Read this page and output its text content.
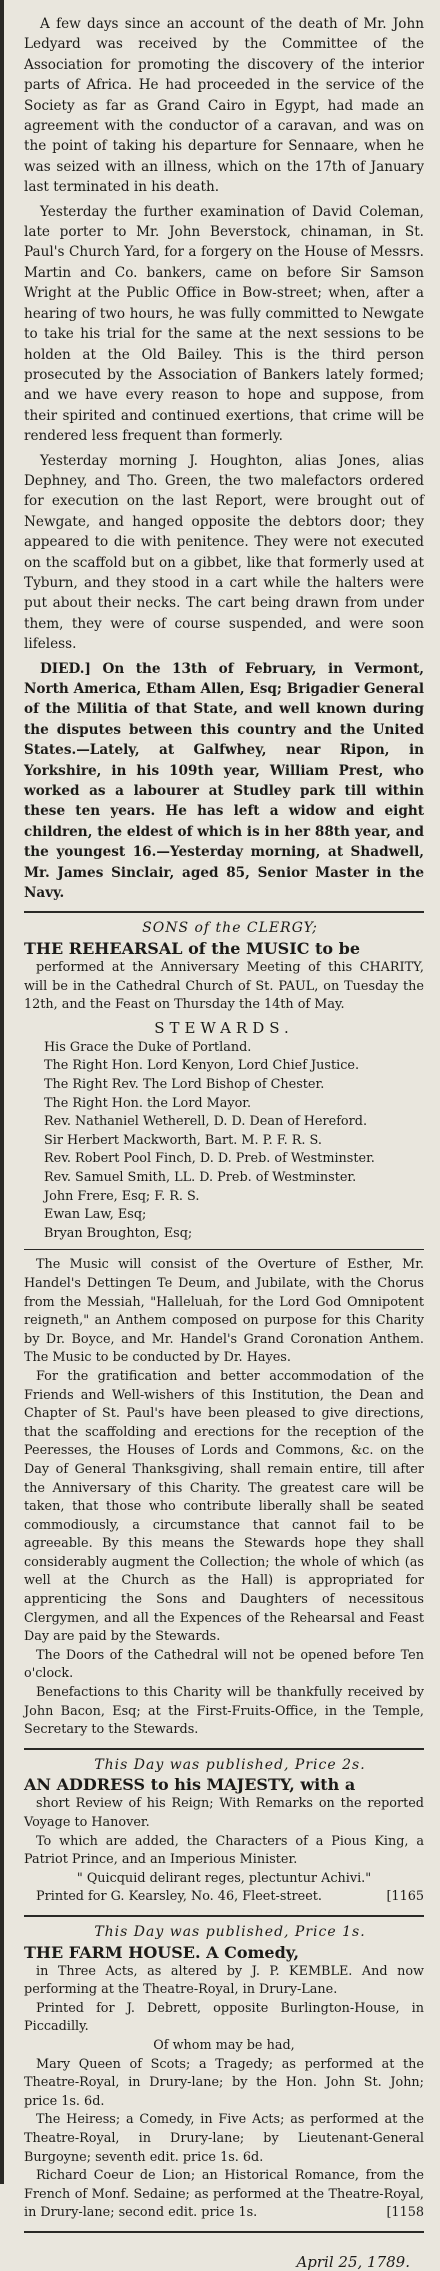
A few days since an account of the death of Mr. John Ledyard was received by the Committee of the Association for promoting the discovery of the interior parts of Africa. He had proceeded in the service of the Society as far as Grand Cairo in Egypt, had made an agreement with the conductor of a caravan, and was on the point of taking his departure for Sennaare, when he was seized with an illness, which on the 17th of January last terminated in his death.

Yesterday the further examination of David Coleman, late porter to Mr. John Beverstock, chinaman, in St. Paul's Church Yard, for a forgery on the House of Messrs. Martin and Co. bankers, came on before Sir Samson Wright at the Public Office in Bow-street; when, after a hearing of two hours, he was fully committed to Newgate to take his trial for the same at the next sessions to be holden at the Old Bailey. This is the third person prosecuted by the Association of Bankers lately formed; and we have every reason to hope and suppose, from their spirited and continued exertions, that crime will be rendered less frequent than formerly.

Yesterday morning J. Houghton, alias Jones, alias Dephney, and Tho. Green, the two malefactors ordered for execution on the last Report, were brought out of Newgate, and hanged opposite the debtors door; they appeared to die with penitence. They were not executed on the scaffold but on a gibbet, like that formerly used at Tyburn, and they stood in a cart while the halters were put about their necks. The cart being drawn from under them, they were of course suspended, and were soon lifeless.

DIED.] On the 13th of February, in Vermont, North America, Etham Allen, Esq; Brigadier General of the Militia of that State, and well known during the disputes between this country and the United States.—Lately, at Galfwhey, near Ripon, in Yorkshire, in his 109th year, William Prest, who worked as a labourer at Studley park till within these ten years. He has left a widow and eight children, the eldest of which is in her 88th year, and the youngest 16.—Yesterday morning, at Shadwell, Mr. James Sinclair, aged 85, Senior Master in the Navy.

SONS of the CLERGY;

THE REHEARSAL of the MUSIC to be

performed at the Anniversary Meeting of this CHARITY, will be in the Cathedral Church of St. PAUL, on Tuesday the 12th, and the Feast on Thursday the 14th of May.

STEWARDS.
His Grace the Duke of Portland.
The Right Hon. Lord Kenyon, Lord Chief Justice.
The Right Rev. The Lord Bishop of Chester.
The Right Hon. the Lord Mayor.
Rev. Nathaniel Wetherell, D. D. Dean of Hereford.
Sir Herbert Mackworth, Bart. M. P. F. R. S.
Rev. Robert Pool Finch, D. D. Preb. of Westminster.
Rev. Samuel Smith, LL. D. Preb. of Westminster.
John Frere, Esq; F. R. S.
Ewan Law, Esq;
Bryan Broughton, Esq;

The Music will consist of the Overture of Esther, Mr. Handel's Dettingen Te Deum, and Jubilate, with the Chorus from the Messiah, "Halleluah, for the Lord God Omnipotent reigneth," an Anthem composed on purpose for this Charity by Dr. Boyce, and Mr. Handel's Grand Coronation Anthem. The Music to be conducted by Dr. Hayes.

For the gratification and better accommodation of the Friends and Well-wishers of this Institution, the Dean and Chapter of St. Paul's have been pleased to give directions, that the scaffolding and erections for the reception of the Peeresses, the Houses of Lords and Commons, &c. on the Day of General Thanksgiving, shall remain entire, till after the Anniversary of this Charity. The greatest care will be taken, that those who contribute liberally shall be seated commodiously, a circumstance that cannot fail to be agreeable. By this means the Stewards hope they shall considerably augment the Collection; the whole of which (as well at the Church as the Hall) is appropriated for apprenticing the Sons and Daughters of necessitous Clergymen, and all the Expences of the Rehearsal and Feast Day are paid by the Stewards.

The Doors of the Cathedral will not be opened before Ten o'clock.

Benefactions to this Charity will be thankfully received by John Bacon, Esq; at the First-Fruits-Office, in the Temple, Secretary to the Stewards.

This Day was published, Price 2s.

AN ADDRESS to his MAJESTY, with a

short Review of his Reign; With Remarks on the reported Voyage to Hanover.

To which are added, the Characters of a Pious King, a Patriot Prince, and an Imperious Minister.

" Quicquid delirant reges, plectuntur Achivi."

Printed for G. Kearsley, No. 46, Fleet-street.	[1165

This Day was published, Price 1s.

THE FARM HOUSE. A Comedy,

in Three Acts, as altered by J. P. KEMBLE. And now performing at the Theatre-Royal, in Drury-Lane.

Printed for J. Debrett, opposite Burlington-House, in Piccadilly.

Of whom may be had,

Mary Queen of Scots; a Tragedy; as performed at the Theatre-Royal, in Drury-lane; by the Hon. John St. John; price 1s. 6d.

The Heiress; a Comedy, in Five Acts; as performed at the Theatre-Royal, in Drury-lane; by Lieutenant-General Burgoyne; seventh edit. price 1s. 6d.

Richard Coeur de Lion; an Historical Romance, from the French of Monf. Sedaine; as performed at the Theatre-Royal, in Drury-lane; second edit. price 1s.	[1158

April 25, 1789.
